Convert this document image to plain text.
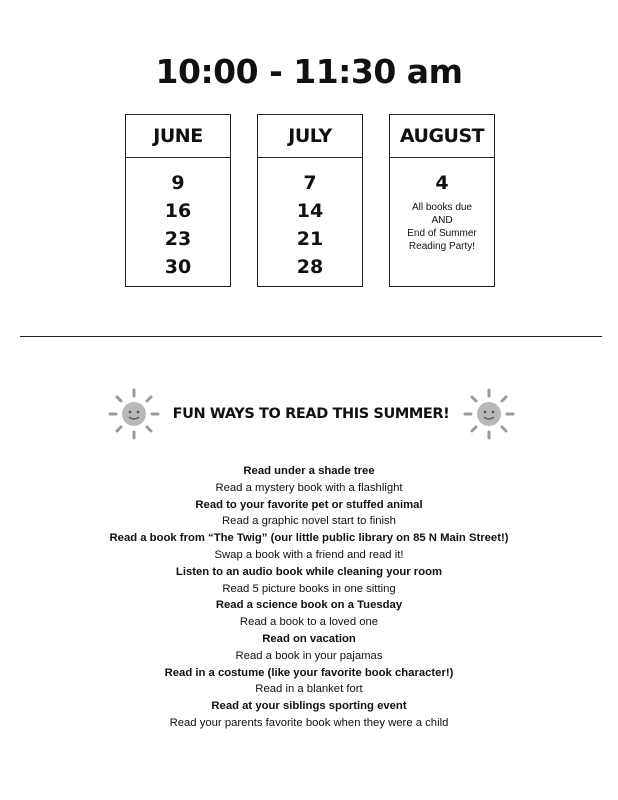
10:00 - 11:30 am
JUNE
9
16
23
30
JULY
7
14
21
28
AUGUST
4
All books due
AND
End of Summer
Reading Party!
FUN WAYS TO READ THIS SUMMER!
Read under a shade tree
Read a mystery book with a flashlight
Read to your favorite pet or stuffed animal
Read a graphic novel start to finish
Read a book from “The Twig” (our little public library on 85 N Main Street!)
Swap a book with a friend and read it!
Listen to an audio book while cleaning your room
Read 5 picture books in one sitting
Read a science book on a Tuesday
Read a book to a loved one
Read on vacation
Read a book in your pajamas
Read in a costume (like your favorite book character!)
Read in a blanket fort
Read at your siblings sporting event
Read your parents favorite book when they were a child
